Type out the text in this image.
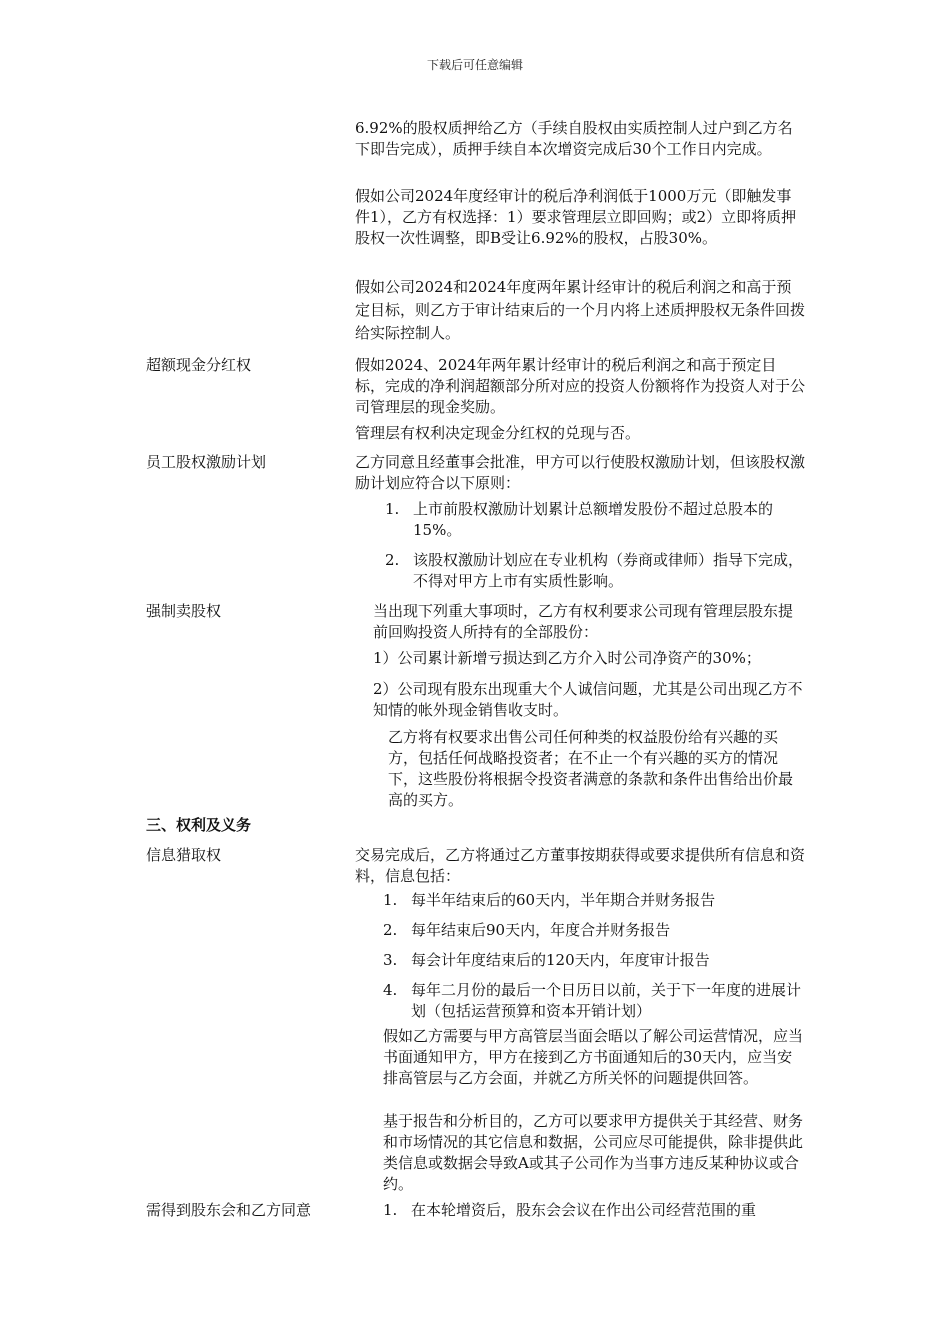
下载后可任意编辑

6.92%的股权质押给乙方（手续自股权由实质控制人过户到乙方名下即告完成），质押手续自本次增资完成后30个工作日内完成。

假如公司2024年度经审计的税后净利润低于1000万元（即触发事件1），乙方有权选择：1）要求管理层立即回购；或2）立即将质押股权一次性调整，即B受让6.92%的股权，占股30%。

假如公司2024和2024年度两年累计经审计的税后利润之和高于预定目标，则乙方于审计结束后的一个月内将上述质押股权无条件回拨给实际控制人。

超额现金分红权	假如2024、2024年两年累计经审计的税后利润之和高于预定目标，完成的净利润超额部分所对应的投资人份额将作为投资人对于公司管理层的现金奖励。

管理层有权利决定现金分红权的兑现与否。

员工股权激励计划	乙方同意且经董事会批准，甲方可以行使股权激励计划，但该股权激励计划应符合以下原则：

1. 上市前股权激励计划累计总额增发股份不超过总股本的15%。
2. 该股权激励计划应在专业机构（券商或律师）指导下完成，不得对甲方上市有实质性影响。

强制卖股权	当出现下列重大事项时，乙方有权利要求公司现有管理层股东提前回购投资人所持有的全部股份：

1）公司累计新增亏损达到乙方介入时公司净资产的30%；

2）公司现有股东出现重大个人诚信问题，尤其是公司出现乙方不知情的帐外现金销售收支时。

乙方将有权要求出售公司任何种类的权益股份给有兴趣的买方，包括任何战略投资者；在不止一个有兴趣的买方的情况下，这些股份将根据令投资者满意的条款和条件出售给出价最高的买方。

三、权利及义务

信息猎取权	交易完成后，乙方将通过乙方董事按期获得或要求提供所有信息和资料，信息包括：

1. 每半年结束后的60天内，半年期合并财务报告
2. 每年结束后90天内，年度合并财务报告
3. 每会计年度结束后的120天内，年度审计报告
4. 每年二月份的最后一个日历日以前，关于下一年度的进展计划（包括运营预算和资本开销计划）

假如乙方需要与甲方高管层当面会晤以了解公司运营情况，应当书面通知甲方，甲方在接到乙方书面通知后的30天内，应当安排高管层与乙方会面，并就乙方所关怀的问题提供回答。

基于报告和分析目的，乙方可以要求甲方提供关于其经营、财务和市场情况的其它信息和数据，公司应尽可能提供，除非提供此类信息或数据会导致A或其子公司作为当事方违反某种协议或合约。

需得到股东会和乙方同意	1. 在本轮增资后，股东会会议在作出公司经营范围的重
